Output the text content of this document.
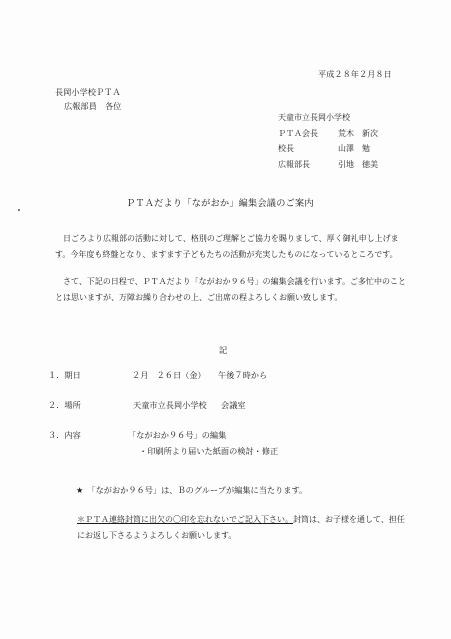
平成２８年２月８日
長岡小学校ＰＴＡ
広報部員　各位
天童市立長岡小学校
ＰＴＡ会長	荒木　新次
校長	山澤　勉
広報部長	引地　徳美
ＰＴＡだより「ながおか」編集会議のご案内
日ごろより広報部の活動に対して、格別のご理解とご協力を賜りまして、厚く御礼申し上げます。今年度も終盤となり、ますます子どもたちの活動が充実したものになっているところです。
さて、下記の日程で、ＰＴＡだより「ながおか９６号」の編集会議を行います。ご多忙中のこととは思いますが、万障お繰り合わせの上、ご出席の程よろしくお願い致します。
記
１．期日	２月　２６日（金） 午後７時から
２．場所	天童市立長岡小学校 会議室
３．内容	「ながおか９６号」の編集
・印刷所より届いた紙面の検討・修正
★　「ながおか９６号」は、Ｂのグループが編集に当たります。
＊ＰＴＡ連絡封筒に出欠の〇印を忘れないでご記入下さい。封筒は、お子様を通して、担任にお返し下さるようよろしくお願いします。
